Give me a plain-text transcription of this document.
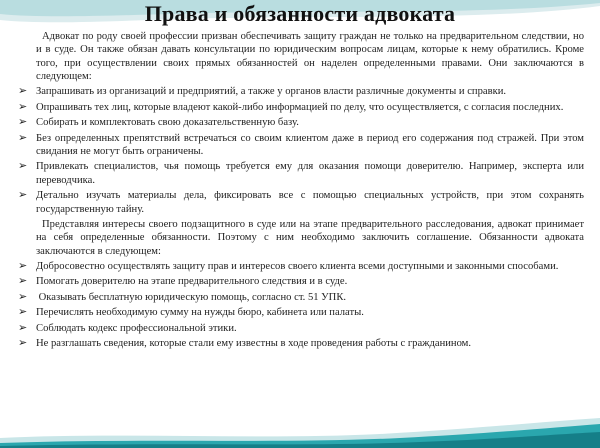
Права и обязанности адвоката

Адвокат по роду своей профессии призван обеспечивать защиту граждан не только на предварительном следствии, но и в суде. Он также обязан давать консультации по юридическим вопросам лицам, которые к нему обратились. Кроме того, при осуществлении своих прямых обязанностей он наделен определенными правами. Они заключаются в следующем:

➢ Запрашивать из организаций и предприятий, а также у органов власти различные документы и справки.
➢ Опрашивать тех лиц, которые владеют какой-либо информацией по делу, что осуществляется, с согласия последних.
➢ Собирать и комплектовать свою доказательственную базу.
➢ Без определенных препятствий встречаться со своим клиентом даже в период его содержания под стражей. При этом свидания не могут быть ограничены.
➢ Привлекать специалистов, чья помощь требуется ему для оказания помощи доверителю. Например, эксперта или переводчика.
➢ Детально изучать материалы дела, фиксировать все с помощью специальных устройств, при этом сохранять государственную тайну.

Представляя интересы своего подзащитного в суде или на этапе предварительного расследования, адвокат принимает на себя определенные обязанности. Поэтому с ним необходимо заключить соглашение. Обязанности адвоката заключаются в следующем:

➢ Добросовестно осуществлять защиту прав и интересов своего клиента всеми доступными и законными способами.
➢ Помогать доверителю на этапе предварительного следствия и в суде.
➢ Оказывать бесплатную юридическую помощь, согласно ст. 51 УПК.
➢ Перечислять необходимую сумму на нужды бюро, кабинета или палаты.
➢ Соблюдать кодекс профессиональной этики.
➢ Не разглашать сведения, которые стали ему известны в ходе проведения работы с гражданином.
